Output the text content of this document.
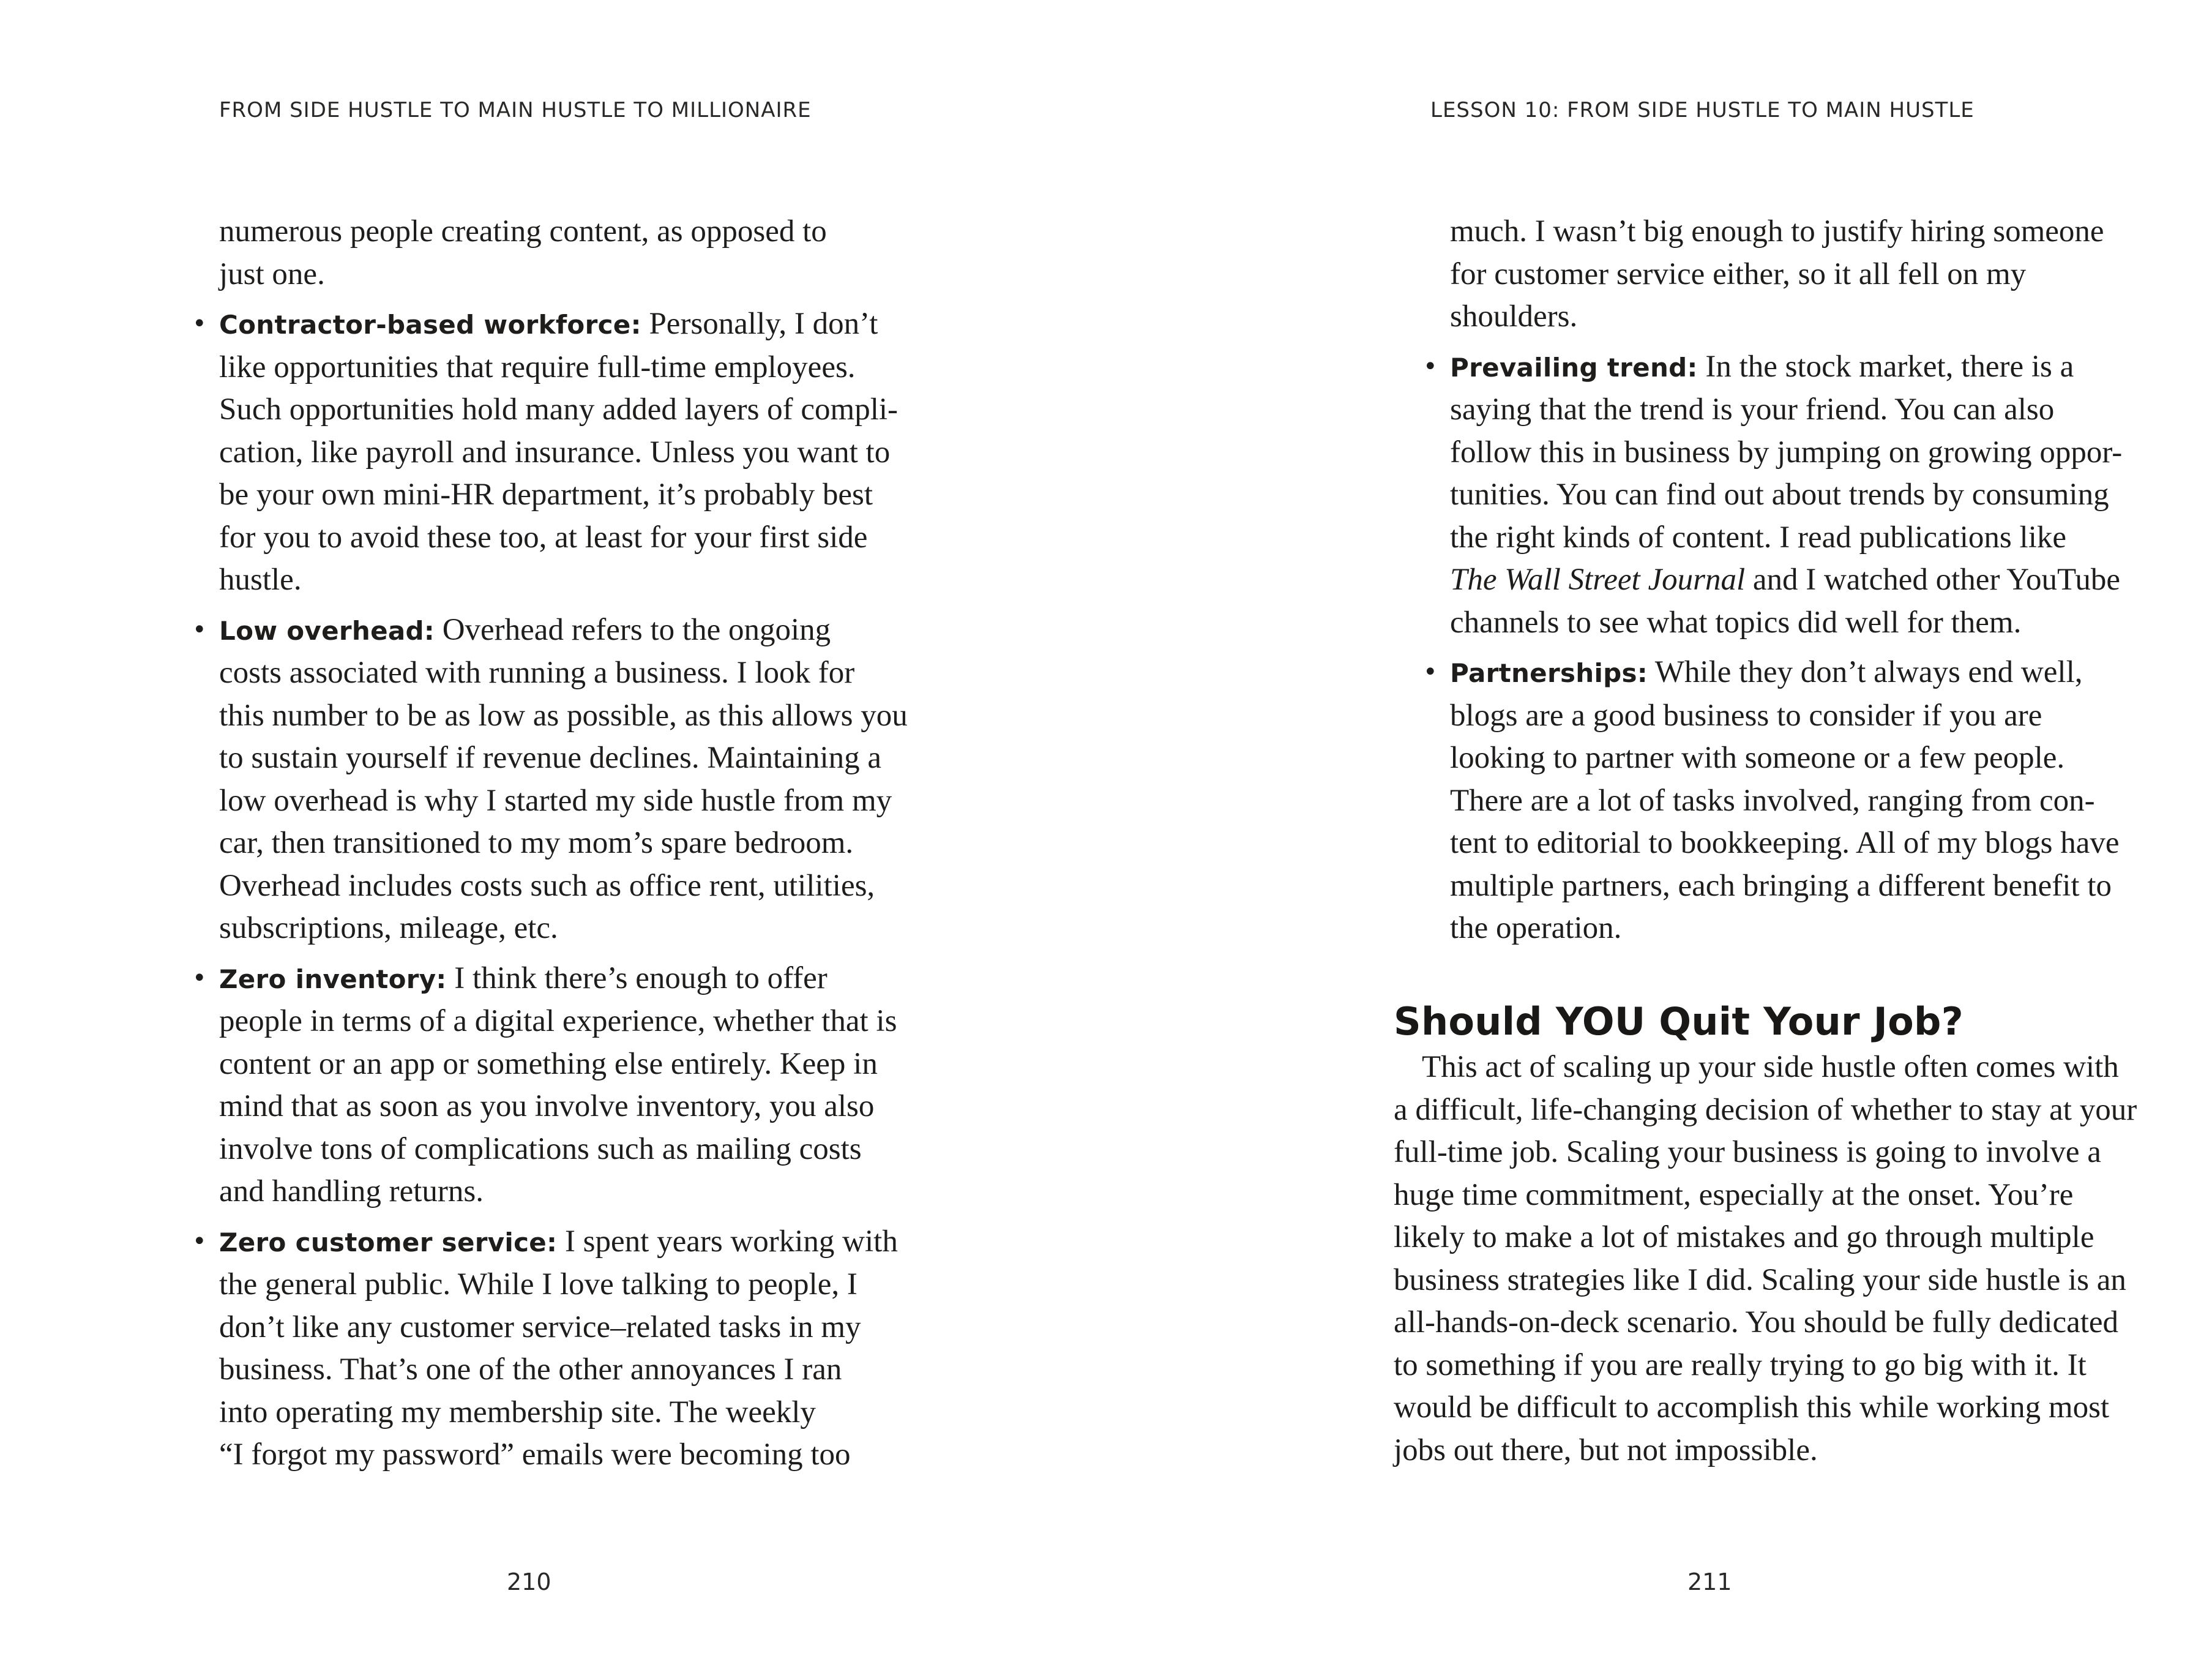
FROM SIDE HUSTLE TO MAIN HUSTLE TO MILLIONAIRE
numerous people creating content, as opposed to
just one.
• Contractor-based workforce: Personally, I don’t
like opportunities that require full-time employees.
Such opportunities hold many added layers of compli-
cation, like payroll and insurance. Unless you want to
be your own mini-HR department, it’s probably best
for you to avoid these too, at least for your first side
hustle.
• Low overhead: Overhead refers to the ongoing
costs associated with running a business. I look for
this number to be as low as possible, as this allows you
to sustain yourself if revenue declines. Maintaining a
low overhead is why I started my side hustle from my
car, then transitioned to my mom’s spare bedroom.
Overhead includes costs such as office rent, utilities,
subscriptions, mileage, etc.
• Zero inventory: I think there’s enough to offer
people in terms of a digital experience, whether that is
content or an app or something else entirely. Keep in
mind that as soon as you involve inventory, you also
involve tons of complications such as mailing costs
and handling returns.
• Zero customer service: I spent years working with
the general public. While I love talking to people, I
don’t like any customer service–related tasks in my
business. That’s one of the other annoyances I ran
into operating my membership site. The weekly
“I forgot my password” emails were becoming too
210
LESSON 10: FROM SIDE HUSTLE TO MAIN HUSTLE
much. I wasn’t big enough to justify hiring someone
for customer service either, so it all fell on my
shoulders.
• Prevailing trend: In the stock market, there is a
saying that the trend is your friend. You can also
follow this in business by jumping on growing oppor-
tunities. You can find out about trends by consuming
the right kinds of content. I read publications like
The Wall Street Journal and I watched other YouTube
channels to see what topics did well for them.
• Partnerships: While they don’t always end well,
blogs are a good business to consider if you are
looking to partner with someone or a few people.
There are a lot of tasks involved, ranging from con-
tent to editorial to bookkeeping. All of my blogs have
multiple partners, each bringing a different benefit to
the operation.
Should YOU Quit Your Job?
This act of scaling up your side hustle often comes with
a difficult, life-changing decision of whether to stay at your
full-time job. Scaling your business is going to involve a
huge time commitment, especially at the onset. You’re
likely to make a lot of mistakes and go through multiple
business strategies like I did. Scaling your side hustle is an
all-hands-on-deck scenario. You should be fully dedicated
to something if you are really trying to go big with it. It
would be difficult to accomplish this while working most
jobs out there, but not impossible.
211
